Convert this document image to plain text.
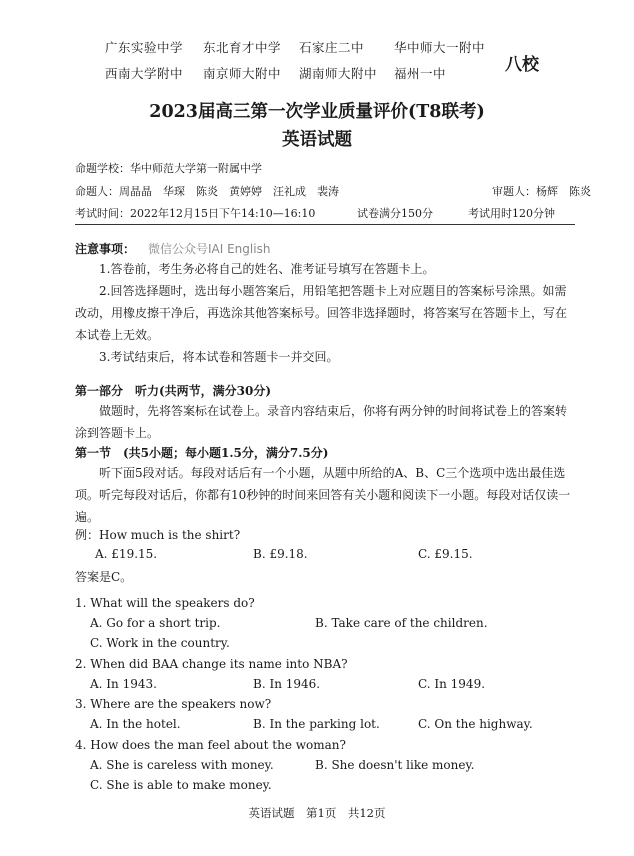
广东实验中学 东北育才中学 石家庄二中 华中师大一附中
西南大学附中 南京师大附中 湖南师大附中 福州一中	八校
2023届高三第一次学业质量评价(T8联考)
英语试题
命题学校：华中师范大学第一附属中学
命题人：周晶晶　华琛　陈炎　黄婷婷　汪礼成　裴涛	审题人：杨辉　陈炎
考试时间：2022年12月15日下午14:10—16:10	试卷满分150分	考试用时120分钟
注意事项： 微信公众号IAI English
1.答卷前，考生务必将自己的姓名、准考证号填写在答题卡上。
2.回答选择题时，选出每小题答案后，用铅笔把答题卡上对应题目的答案标号涂黑。如需改动，用橡皮擦干净后，再选涂其他答案标号。回答非选择题时，将答案写在答题卡上，写在本试卷上无效。
3.考试结束后，将本试卷和答题卡一并交回。
第一部分　听力(共两节，满分30分)
做题时，先将答案标在试卷上。录音内容结束后，你将有两分钟的时间将试卷上的答案转涂到答题卡上。
第一节　(共5小题；每小题1.5分，满分7.5分)
听下面5段对话。每段对话后有一个小题，从题中所给的A、B、C三个选项中选出最佳选项。听完每段对话后，你都有10秒钟的时间来回答有关小题和阅读下一小题。每段对话仅读一遍。
例：How much is the shirt?
A. £19.15.	B. £9.18.	C. £9.15.
答案是C。
1. What will the speakers do?
A. Go for a short trip.	B. Take care of the children.
C. Work in the country.
2. When did BAA change its name into NBA?
A. In 1943.	B. In 1946.	C. In 1949.
3. Where are the speakers now?
A. In the hotel.	B. In the parking lot.	C. On the highway.
4. How does the man feel about the woman?
A. She is careless with money.	B. She doesn't like money.
C. She is able to make money.
英语试题　第1页　共12页
